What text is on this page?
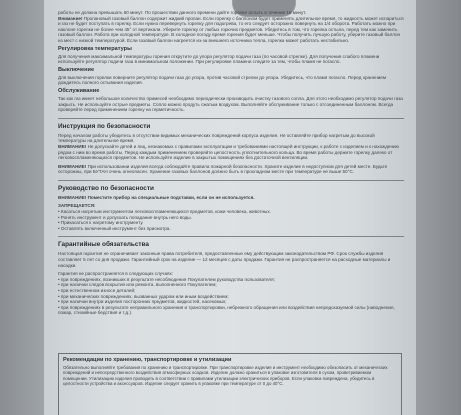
работы не должна превышать 60 минут. По прошествии данного времени дайте горелке остыть в течение 15 минут.

Внимание! Пропановый газовый баллон содержит жидкий пропан. Если горелку с баллоном будет применять длительное время, то жидкость может испариться и газ не будет поступать в горелку. Если нужно перевернуть горелку для подогрева, то его следует осторожно повернуть на 1/4 оборота. Работать можно при наклоне горелки не более чем 45° от вертикали. Уберите горелку от любых горючих предметов. Убедитесь в том, что горелка остыла, перед тем как заменить газовый баллон. Работа при холодной температуре. В холодное погоду время горения будет меньше. Чтобы получить лучшую работу, уберите газовый баллон из мест с низкой температурой. Если газовый баллон нагреется из-за внешнего источника тепла, горелка может работать нестабильно.

Регулировка температуры

Для получения максимальной температуры горения открутите до упора регулятор подачи газа (по часовой стрелке). Для получения слабого пламени используйте регулятор подачи газа в минимальном положении. При регулировке пламени следите за тем, чтобы пламя не погасло.

Выключение

Для выключения горелки поверните регулятор подачи газа до упора, против часовой стрелки до упора. Убедитесь, что пламя погасло. Перед хранением дождитесь полного остывания изделия.

Обслуживание

Так как газ имеет небольшое количество примесей необходимо периодически производить очистку газового сопла. Для этого необходимо регулятор подачи газа закрыть. Не используйте острые предметы. Сопло можно продуть сжатым воздухом. Выполняйте обслуживание только с отсоединенным баллоном. Всегда проверяйте перед применением горелку на герметичность.

Инструкция по безопасности

Перед началом работы убедитесь в отсутствии видимых механических повреждений корпуса изделия. Не оставляйте прибор нагретым до высокой температуры на длительное время.

ВНИМАНИЕ! Не допускайте детей и лиц, незнакомых с правилами эксплуатации и требованиями настоящей инструкции, к работе с изделием и к нахождению рядом с ним во время работы. Перед каждым применением проверяйте целостность уплотнительного кольца. Во время работы держите горелку далеко от легковоспламеняющихся предметов. Не используйте изделие в закрытых помещениях без достаточной вентиляции.

ВНИМАНИЕ! При использовании изделия всегда соблюдайте правила пожарной безопасности. Храните изделие в недоступном для детей месте. Будьте осторожны, при БУТАН очень огнеопасен. Хранение газовых баллонов должно быть в прохладном месте при температуре не выше 50°С.

Руководство по безопасности

ВНИМАНИЕ! Поместите прибор на специальные подставки, если он не используется.

ЗАПРЕЩАЕТСЯ:

• Касаться нагретым инструментом легковоспламеняющихся предметов, кожи человека, животных.

• Ронять инструмент и допускать попадание внутрь него воды.

• Прикасаться к нагретому инструменту.

• Оставлять включенный инструмент без присмотра.

Гарантийные обязательства

Настоящая гарантия не ограничивает законные права потребителя, предоставленные ему действующим законодательством РФ. Срок службы изделия составляет 5 лет со дня продажи. Гарантийный срок на изделие — 12 месяцев с даты продажи. Гарантия не распространяется на расходные материалы и насадки.

Гарантия не распространяется в следующих случаях:

• при повреждениях, возникших в результате несоблюдения Покупателем руководства пользователя;

• при наличии следов вскрытия или ремонта, выполненного Покупателем;

• при естественном износе деталей;

• при механических повреждениях, вызванных ударом или иным воздействием;

• при наличии внутри изделия посторонних предметов, жидкостей, насекомых;

• при повреждениях в результате неправильного хранения и транспортировки, небрежного обращения или воздействия непредсказуемой силы (наводнение, пожар, стихийные бедствия и т.д.).

Рекомендации по хранению, транспортировке и утилизации

Обязательно выполняйте требования по хранению и транспортировке. При транспортировке изделия и инструмент необходимо обезопасить от механических повреждений и непосредственного воздействия атмосферных осадков. Изделие должно храниться в упаковке изготовителя в сухом, проветриваемом помещении. Утилизацию изделия проводить в соответствии с правилами утилизации электрических приборов. Если упаковка повреждена, убедитесь в целостности устройства и аксессуаров. Изделие следует хранить в упаковке при температуре от 0 до 40°С.
